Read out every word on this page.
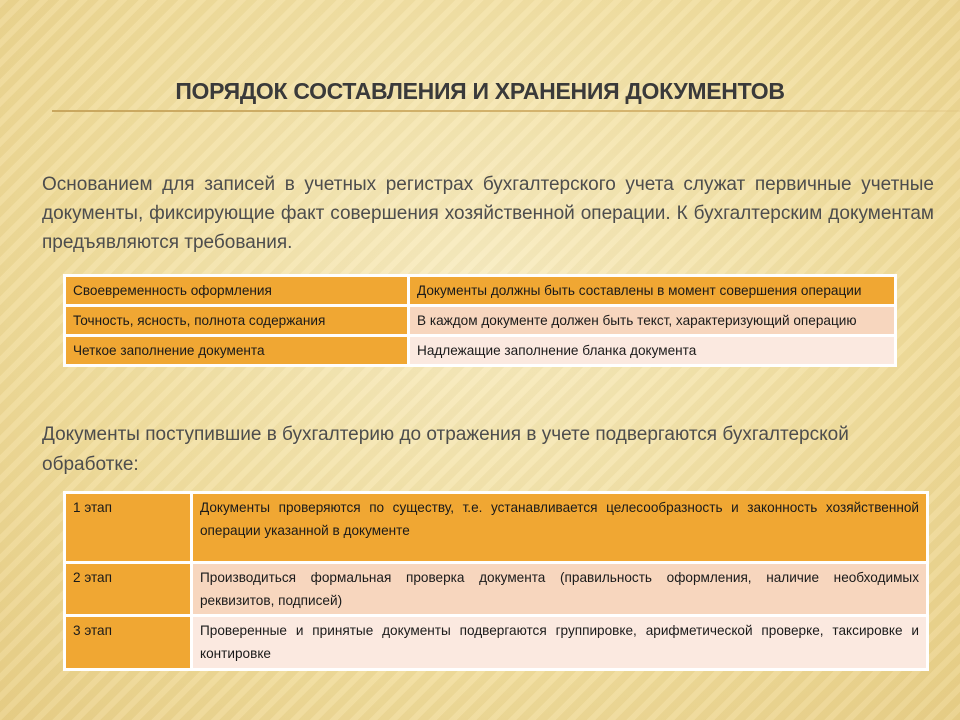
ПОРЯДОК СОСТАВЛЕНИЯ И ХРАНЕНИЯ ДОКУМЕНТОВ
Основанием для записей в учетных регистрах бухгалтерского учета служат первичные учетные документы, фиксирующие факт совершения хозяйственной операции. К бухгалтерским документам предъявляются требования.
Своевременность оформления	Документы должны быть составлены в момент совершения операции
Точность, ясность, полнота содержания	В каждом документе должен быть текст, характеризующий операцию
Четкое заполнение документа	Надлежащие заполнение бланка документа
Документы поступившие в бухгалтерию до отражения в учете подвергаются бухгалтерской обработке:
1 этап	Документы проверяются по существу, т.е. устанавливается целесообразность и законность хозяйственной операции указанной в документе
2 этап	Производиться формальная проверка документа (правильность оформления, наличие необходимых реквизитов, подписей)
3 этап	Проверенные и принятые документы подвергаются группировке, арифметической проверке, таксировке и контировке
